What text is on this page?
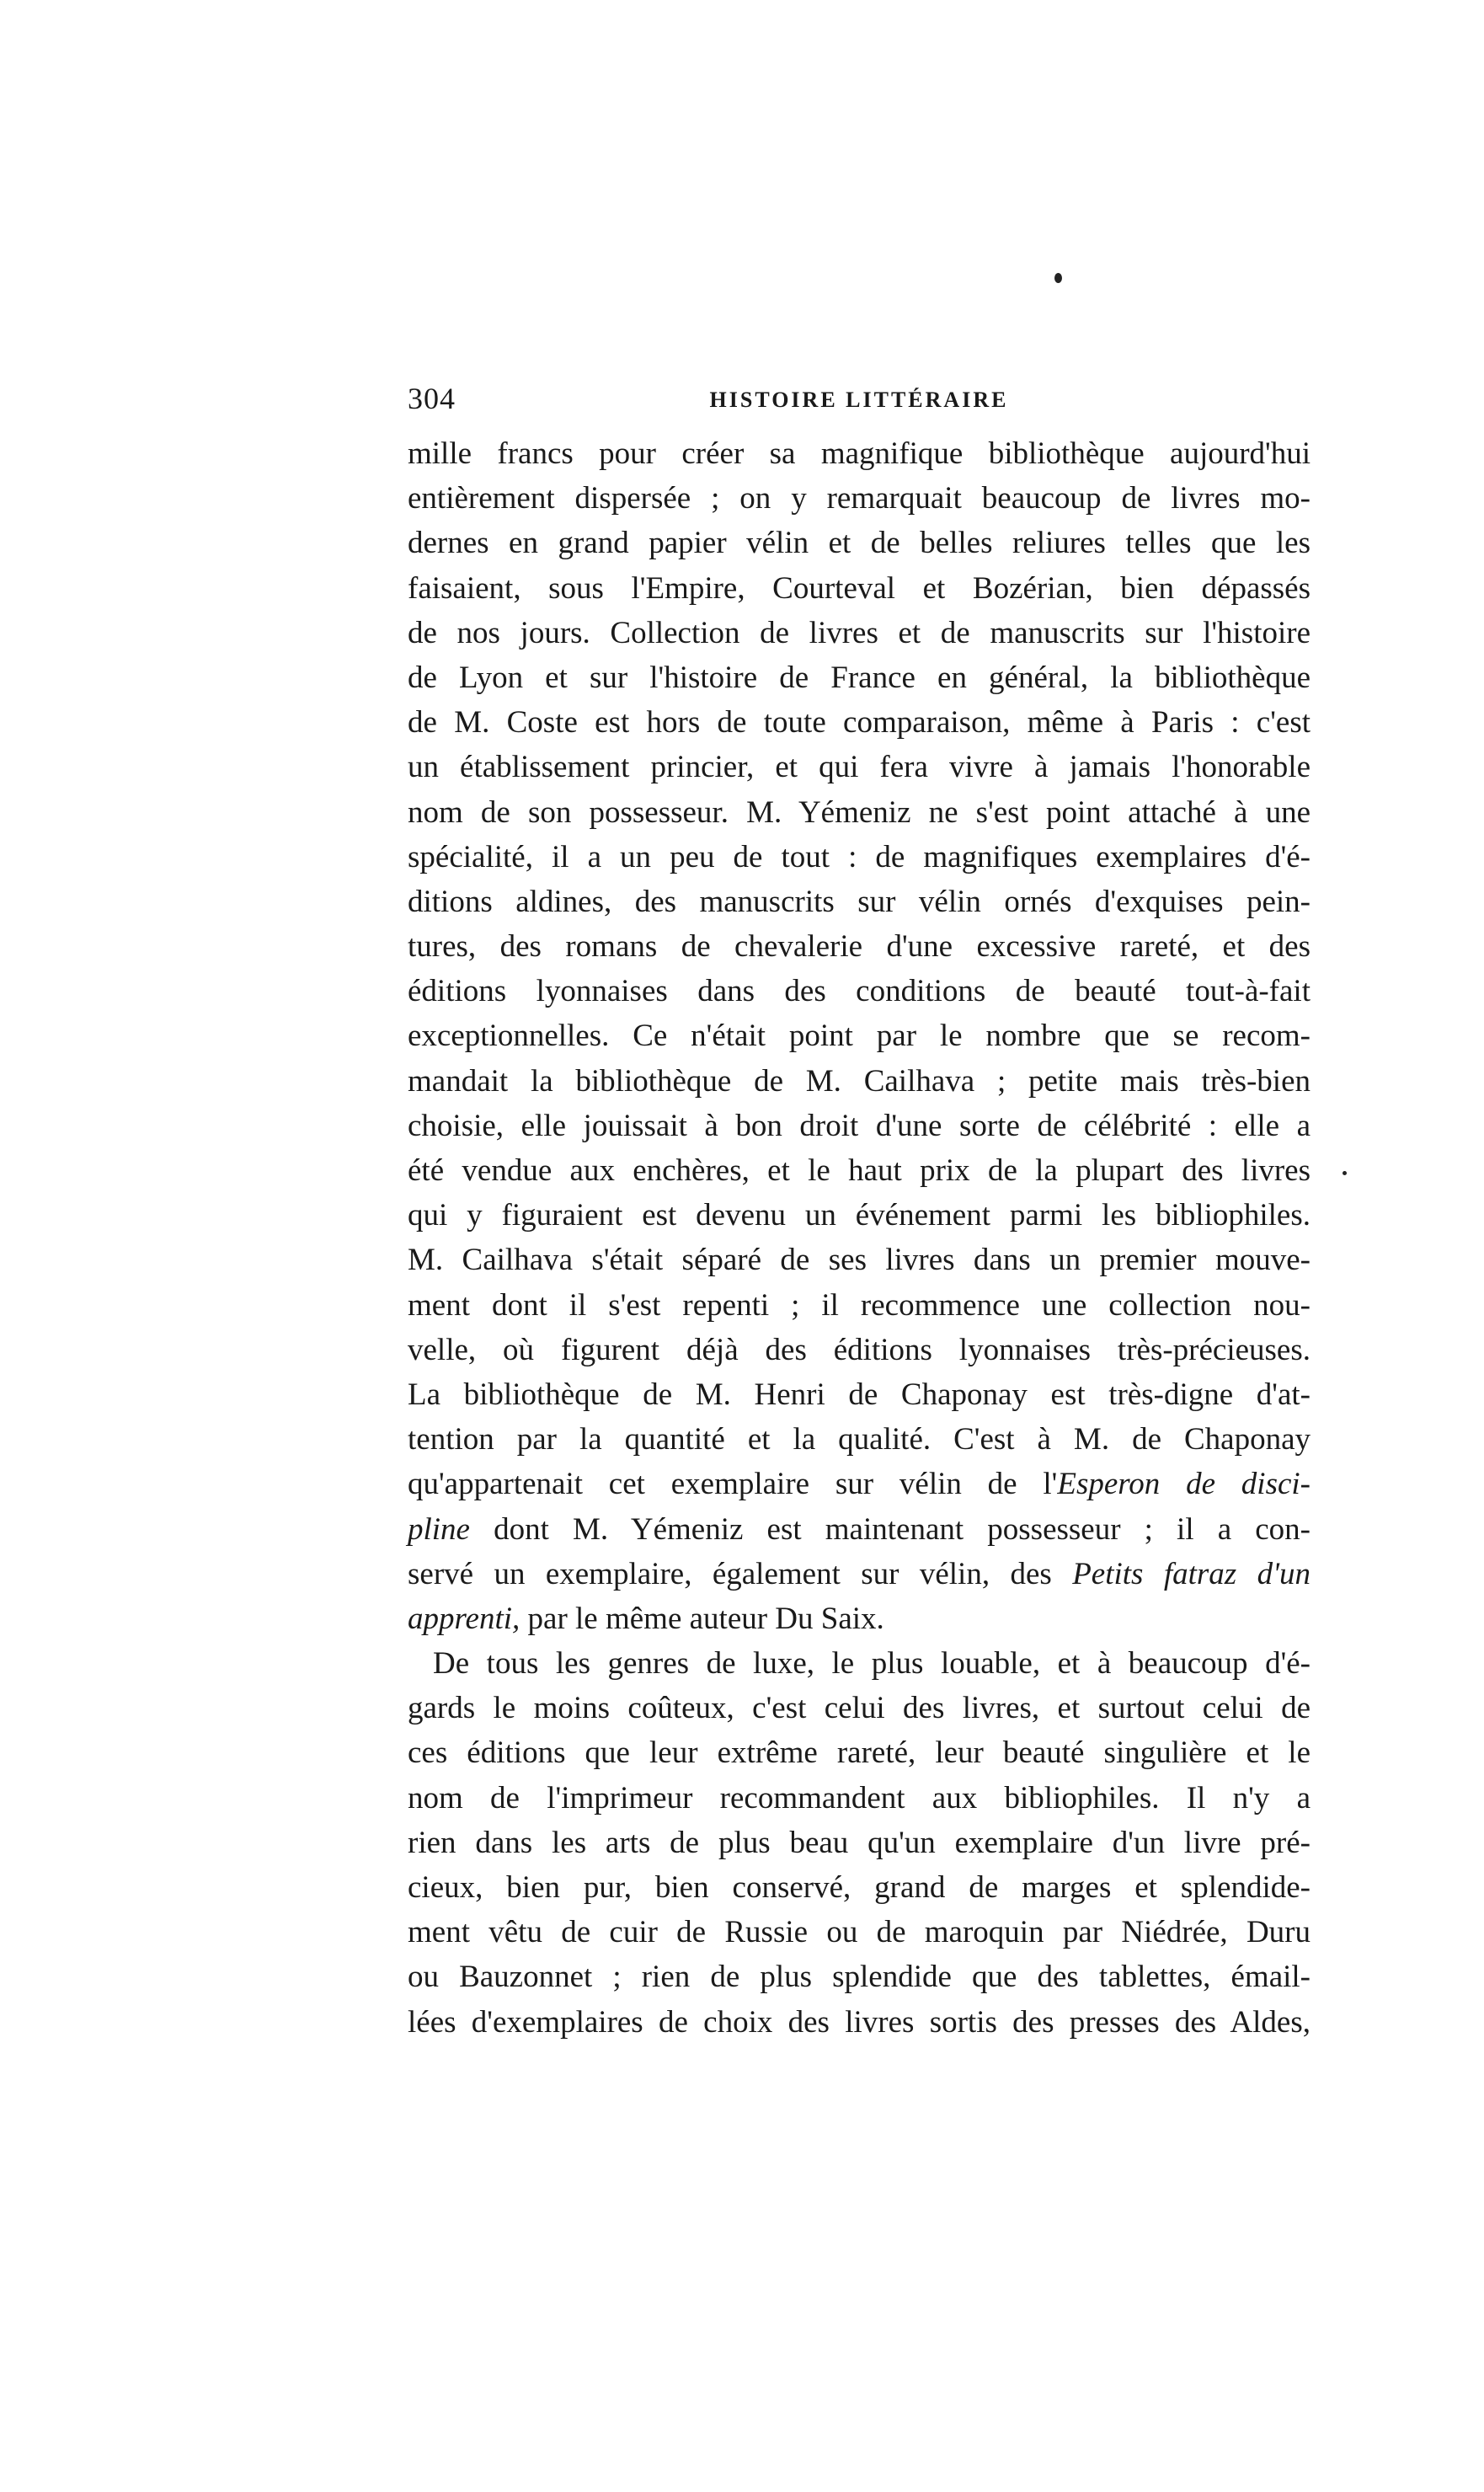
304	HISTOIRE LITTÉRAIRE
mille francs pour créer sa magnifique bibliothèque aujourd'hui
entièrement dispersée ; on y remarquait beaucoup de livres mo-
dernes en grand papier vélin et de belles reliures telles que les
faisaient, sous l'Empire, Courteval et Bozérian, bien dépassés
de nos jours. Collection de livres et de manuscrits sur l'histoire
de Lyon et sur l'histoire de France en général, la bibliothèque
de M. Coste est hors de toute comparaison, même à Paris : c'est
un établissement princier, et qui fera vivre à jamais l'honorable
nom de son possesseur. M. Yémeniz ne s'est point attaché à une
spécialité, il a un peu de tout : de magnifiques exemplaires d'é-
ditions aldines, des manuscrits sur vélin ornés d'exquises pein-
tures, des romans de chevalerie d'une excessive rareté, et des
éditions lyonnaises dans des conditions de beauté tout-à-fait
exceptionnelles. Ce n'était point par le nombre que se recom-
mandait la bibliothèque de M. Cailhava ; petite mais très-bien
choisie, elle jouissait à bon droit d'une sorte de célébrité : elle a
été vendue aux enchères, et le haut prix de la plupart des livres
qui y figuraient est devenu un événement parmi les bibliophiles.
M. Cailhava s'était séparé de ses livres dans un premier mouve-
ment dont il s'est repenti ; il recommence une collection nou-
velle, où figurent déjà des éditions lyonnaises très-précieuses.
La bibliothèque de M. Henri de Chaponay est très-digne d'at-
tention par la quantité et la qualité. C'est à M. de Chaponay
qu'appartenait cet exemplaire sur vélin de l'Esperon de disci-
pline dont M. Yémeniz est maintenant possesseur ; il a con-
servé un exemplaire, également sur vélin, des Petits fatraz d'un
apprenti, par le même auteur Du Saix.
De tous les genres de luxe, le plus louable, et à beaucoup d'é-
gards le moins coûteux, c'est celui des livres, et surtout celui de
ces éditions que leur extrême rareté, leur beauté singulière et le
nom de l'imprimeur recommandent aux bibliophiles. Il n'y a
rien dans les arts de plus beau qu'un exemplaire d'un livre pré-
cieux, bien pur, bien conservé, grand de marges et splendide-
ment vêtu de cuir de Russie ou de maroquin par Niédrée, Duru
ou Bauzonnet ; rien de plus splendide que des tablettes, émail-
lées d'exemplaires de choix des livres sortis des presses des Aldes,
